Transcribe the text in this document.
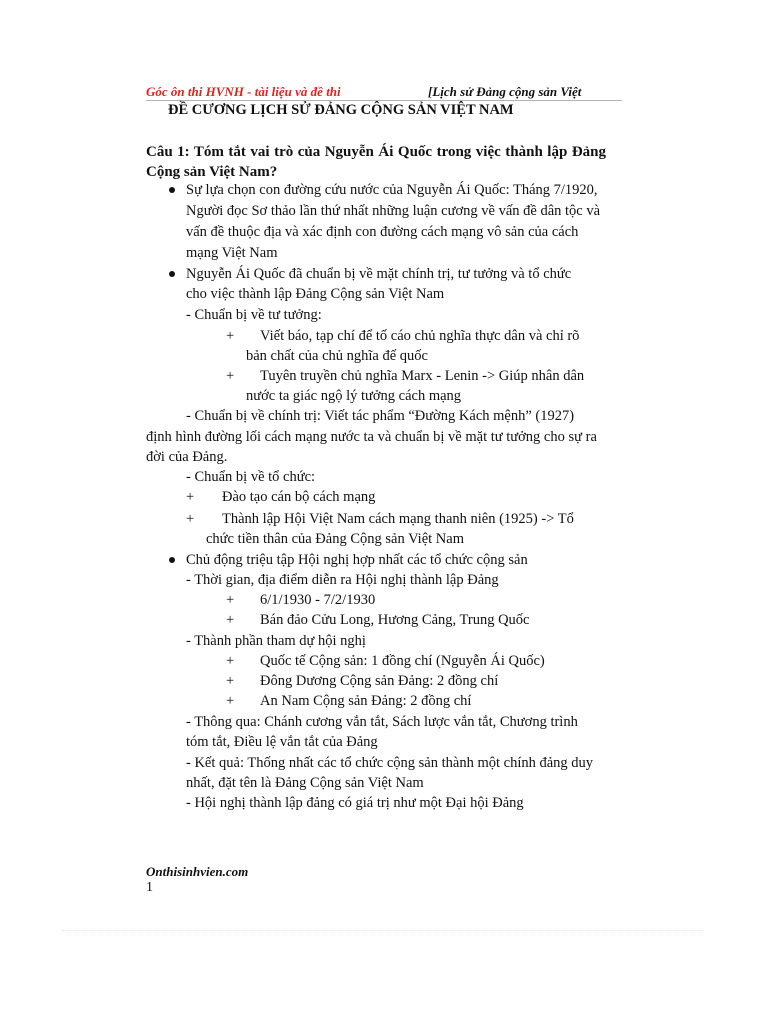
Góc ôn thi HVNH - tài liệu và đề thi	[Lịch sử Đảng cộng sản Việt
ĐỀ CƯƠNG LỊCH SỬ ĐẢNG CỘNG SẢN VIỆT NAM
Câu 1: Tóm tắt vai trò của Nguyễn Ái Quốc trong việc thành lập Đảng Cộng sản Việt Nam?
Sự lựa chọn con đường cứu nước của Nguyễn Ái Quốc: Tháng 7/1920,
Người đọc Sơ thảo lần thứ nhất những luận cương về vấn đề dân tộc và
vấn đề thuộc địa và xác định con đường cách mạng vô sản của cách
mạng Việt Nam
Nguyễn Ái Quốc đã chuẩn bị về mặt chính trị, tư tưởng và tổ chức
cho việc thành lập Đảng Cộng sản Việt Nam
- Chuẩn bị về tư tưởng:
+ Viết báo, tạp chí để tố cáo chủ nghĩa thực dân và chỉ rõ
bản chất của chủ nghĩa đế quốc
+ Tuyên truyền chủ nghĩa Marx - Lenin -> Giúp nhân dân
nước ta giác ngộ lý tưởng cách mạng
- Chuẩn bị về chính trị: Viết tác phẩm “Đường Kách mệnh” (1927)
định hình đường lối cách mạng nước ta và chuẩn bị về mặt tư tưởng cho sự ra
đời của Đảng.
- Chuẩn bị về tổ chức:
+ Đào tạo cán bộ cách mạng
+ Thành lập Hội Việt Nam cách mạng thanh niên (1925) -> Tổ
chức tiền thân của Đảng Cộng sản Việt Nam
Chủ động triệu tập Hội nghị hợp nhất các tổ chức cộng sản
- Thời gian, địa điểm diễn ra Hội nghị thành lập Đảng
+ 6/1/1930 - 7/2/1930
+ Bán đảo Cửu Long, Hương Cảng, Trung Quốc
- Thành phần tham dự hội nghị
+ Quốc tế Cộng sản: 1 đồng chí (Nguyễn Ái Quốc)
+ Đông Dương Cộng sản Đảng: 2 đồng chí
+ An Nam Cộng sản Đảng: 2 đồng chí
- Thông qua: Chánh cương vắn tắt, Sách lược vắn tắt, Chương trình
tóm tắt, Điều lệ vắn tắt của Đảng
- Kết quả: Thống nhất các tổ chức cộng sản thành một chính đảng duy
nhất, đặt tên là Đảng Cộng sản Việt Nam
- Hội nghị thành lập đảng có giá trị như một Đại hội Đảng
Onthisinhvien.com
1
